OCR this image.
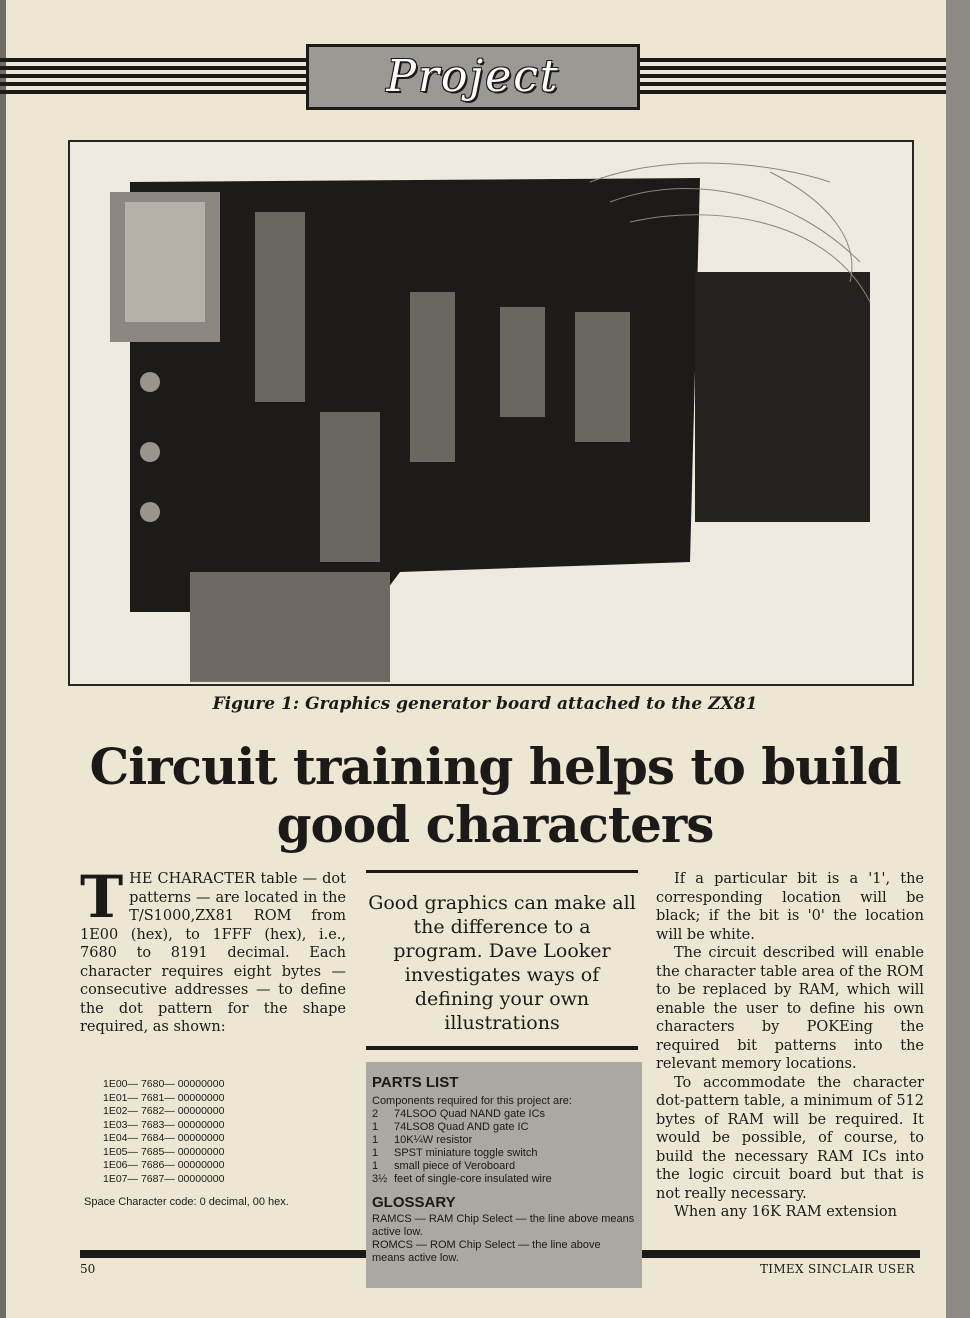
Project
Figure 1: Graphics generator board attached to the ZX81
Circuit training helps to build
good characters
T HE CHARACTER table — dot patterns — are located in the T/S1000,ZX81 ROM from 1E00 (hex), to 1FFF (hex), i.e., 7680 to 8191 decimal. Each character requires eight bytes — consecutive addresses — to define the dot pattern for the shape required, as shown:
1E00— 7680— 00000000
1E01— 7681— 00000000
1E02— 7682— 00000000
1E03— 7683— 00000000
1E04— 7684— 00000000
1E05— 7685— 00000000
1E06— 7686— 00000000
1E07— 7687— 00000000
Space Character code: 0 decimal, 00 hex.

Good graphics can make all the difference to a program. Dave Looker investigates ways of defining your own illustrations

PARTS LIST
Components required for this project are:
2	74LSOO Quad NAND gate ICs
1	74LSO8 Quad AND gate IC
1	10K¼W resistor
1	SPST miniature toggle switch
1	small piece of Veroboard
3½ feet of single-core insulated wire
GLOSSARY
RAMCS — RAM Chip Select — the line above means active low.
ROMCS — ROM Chip Select — the line above means active low.

If a particular bit is a '1', the corresponding location will be black; if the bit is '0' the location will be white.

The circuit described will enable the character table area of the ROM to be replaced by RAM, which will enable the user to define his own characters by POKEing the required bit patterns into the relevant memory locations.

To accommodate the character dot-pattern table, a minimum of 512 bytes of RAM will be required. It would be possible, of course, to build the necessary RAM ICs into the logic circuit board but that is not really necessary.

When any 16K RAM extension

50	TIMEX SINCLAIR USER
